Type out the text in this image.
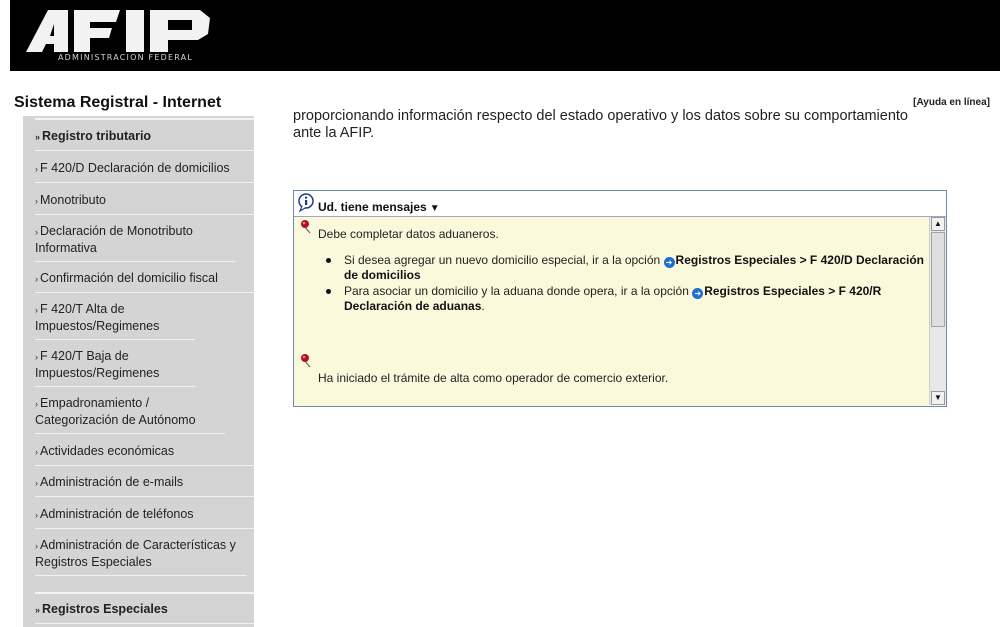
ADMINISTRACION FEDERAL
Sistema Registral - Internet	[Ayuda en línea]
» Registro tributario
› F 420/D Declaración de domicilios
› Monotributo
› Declaración de Monotributo Informativa
› Confirmación del domicilio fiscal
› F 420/T Alta de Impuestos/Regimenes
› F 420/T Baja de Impuestos/Regimenes
› Empadronamiento / Categorización de Autónomo
› Actividades económicas
› Administración de e-mails
› Administración de teléfonos
› Administración de Características y Registros Especiales
» Registros Especiales
proporcionando información respecto del estado operativo y los datos sobre su comportamiento
ante la AFIP.
Ud. tiene mensajes ▼
Debe completar datos aduaneros.
Si desea agregar un nuevo domicilio especial, ir a la opción ➔ Registros Especiales > F 420/D Declaración de domicilios
Para asociar un domicilio y la aduana donde opera, ir a la opción ➔ Registros Especiales > F 420/R Declaración de aduanas.
Ha iniciado el trámite de alta como operador de comercio exterior.
▲
▼
